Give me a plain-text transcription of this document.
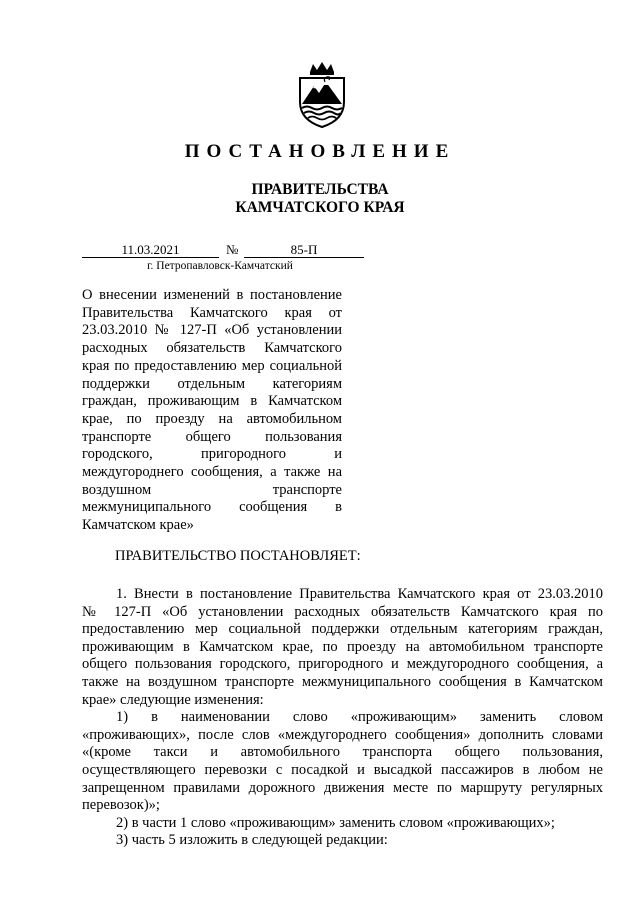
ПОСТАНОВЛЕНИЕ
ПРАВИТЕЛЬСТВА
КАМЧАТСКОГО КРАЯ
11.03.2021	№	85-П
г. Петропавловск-Камчатский
О внесении изменений в постановление
Правительства Камчатского края от
23.03.2010 № 127-П «Об установлении
расходных обязательств Камчатского
края по предоставлению мер социальной
поддержки отдельным категориям
граждан, проживающим в Камчатском
крае, по проезду на автомобильном
транспорте общего пользования
городского, пригородного и
междугороднего сообщения, а также на
воздушном транспорте
межмуниципального сообщения в
Камчатском крае»
ПРАВИТЕЛЬСТВО ПОСТАНОВЛЯЕТ:
1. Внести в постановление Правительства Камчатского края от 23.03.2010
№ 127-П «Об установлении расходных обязательств Камчатского края по
предоставлению мер социальной поддержки отдельным категориям граждан,
проживающим в Камчатском крае, по проезду на автомобильном транспорте
общего пользования городского, пригородного и междугородного сообщения, а
также на воздушном транспорте межмуниципального сообщения в Камчатском
крае» следующие изменения:
1) в наименовании слово «проживающим» заменить словом
«проживающих», после слов «междугороднего сообщения» дополнить словами
«(кроме такси и автомобильного транспорта общего пользования,
осуществляющего перевозки с посадкой и высадкой пассажиров в любом не
запрещенном правилами дорожного движения месте по маршруту регулярных
перевозок)»;
2) в части 1 слово «проживающим» заменить словом «проживающих»;
3) часть 5 изложить в следующей редакции:
